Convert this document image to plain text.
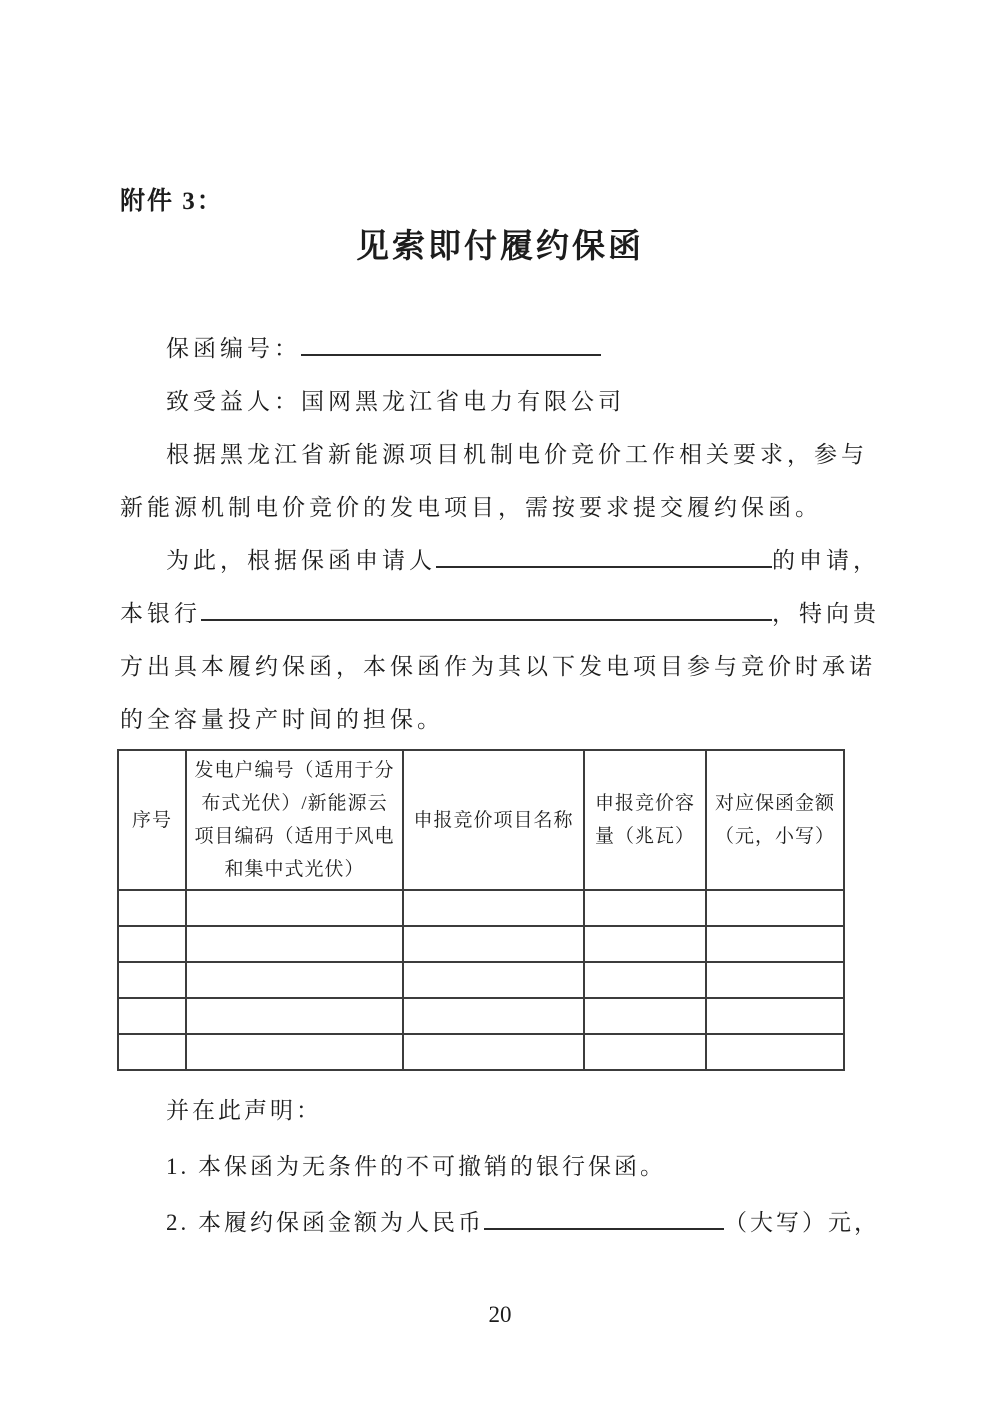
附件 3：
见索即付履约保函
保函编号：
致受益人：国网黑龙江省电力有限公司
根据黑龙江省新能源项目机制电价竞价工作相关要求，参与
新能源机制电价竞价的发电项目，需按要求提交履约保函。
为此，根据保函申请人	的申请，
本银行	，特向贵
方出具本履约保函，本保函作为其以下发电项目参与竞价时承诺
的全容量投产时间的担保。
序号	发电户编号（适用于分布式光伏）/新能源云项目编码（适用于风电和集中式光伏）	申报竞价项目名称	申报竞价容量（兆瓦）	对应保函金额（元，小写）

并在此声明：
1. 本保函为无条件的不可撤销的银行保函。
2. 本履约保函金额为人民币	（大写）元，
20
